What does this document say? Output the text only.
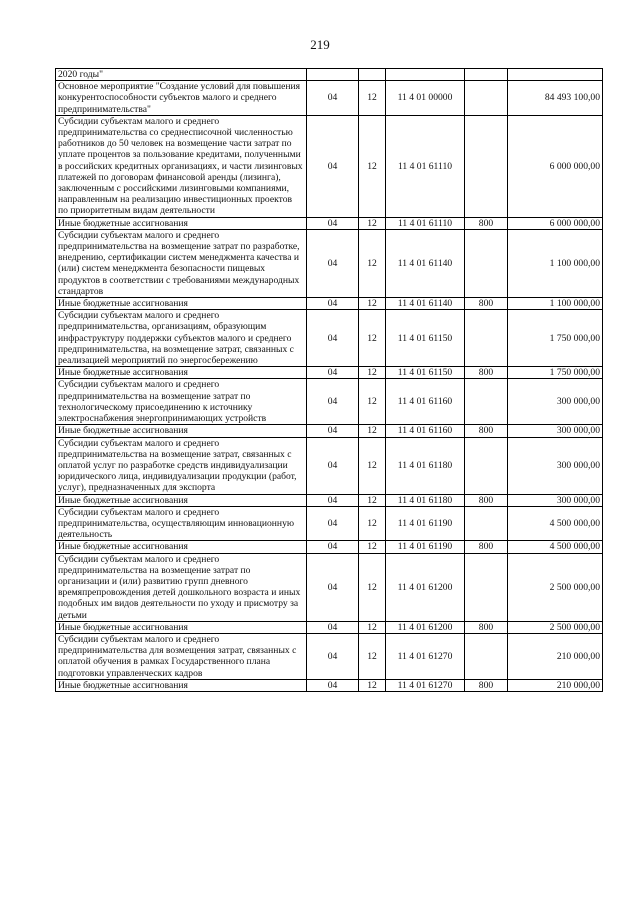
219
2020 годы"					
Основное мероприятие "Создание условий для повышения конкурентоспособности субъектов малого и среднего предпринимательства"	04	12	11 4 01 00000		84 493 100,00
Субсидии субъектам малого и среднего предпринимательства со среднесписочной численностью работников до 50 человек на возмещение части затрат по уплате процентов за пользование кредитами, полученными в российских кредитных организациях, и части лизинговых платежей по договорам финансовой аренды (лизинга), заключенным с российскими лизинговыми компаниями, направленным на реализацию инвестиционных проектов по приоритетным видам деятельности	04	12	11 4 01 61110		6 000 000,00
Иные бюджетные ассигнования	04	12	11 4 01 61110	800	6 000 000,00
Субсидии субъектам малого и среднего предпринимательства на возмещение затрат по разработке, внедрению, сертификации систем менеджмента качества и (или) систем менеджмента безопасности пищевых продуктов в соответствии с требованиями международных стандартов	04	12	11 4 01 61140		1 100 000,00
Иные бюджетные ассигнования	04	12	11 4 01 61140	800	1 100 000,00
Субсидии субъектам малого и среднего предпринимательства, организациям, образующим инфраструктуру поддержки субъектов малого и среднего предпринимательства, на возмещение затрат, связанных с реализацией мероприятий по энергосбережению	04	12	11 4 01 61150		1 750 000,00
Иные бюджетные ассигнования	04	12	11 4 01 61150	800	1 750 000,00
Субсидии субъектам малого и среднего предпринимательства на возмещение затрат по технологическому присоединению к источнику электроснабжения энергопринимающих устройств	04	12	11 4 01 61160		300 000,00
Иные бюджетные ассигнования	04	12	11 4 01 61160	800	300 000,00
Субсидии субъектам малого и среднего предпринимательства на возмещение затрат, связанных с оплатой услуг по разработке средств индивидуализации юридического лица, индивидуализации продукции (работ, услуг), предназначенных для экспорта	04	12	11 4 01 61180		300 000,00
Иные бюджетные ассигнования	04	12	11 4 01 61180	800	300 000,00
Субсидии субъектам малого и среднего предпринимательства, осуществляющим инновационную деятельность	04	12	11 4 01 61190		4 500 000,00
Иные бюджетные ассигнования	04	12	11 4 01 61190	800	4 500 000,00
Субсидии субъектам малого и среднего предпринимательства на возмещение затрат по организации и (или) развитию групп дневного времяпрепровождения детей дошкольного возраста и иных подобных им видов деятельности по уходу и присмотру за детьми	04	12	11 4 01 61200		2 500 000,00
Иные бюджетные ассигнования	04	12	11 4 01 61200	800	2 500 000,00
Субсидии субъектам малого и среднего предпринимательства для возмещения затрат, связанных с оплатой обучения в рамках Государственного плана подготовки управленческих кадров	04	12	11 4 01 61270		210 000,00
Иные бюджетные ассигнования	04	12	11 4 01 61270	800	210 000,00
